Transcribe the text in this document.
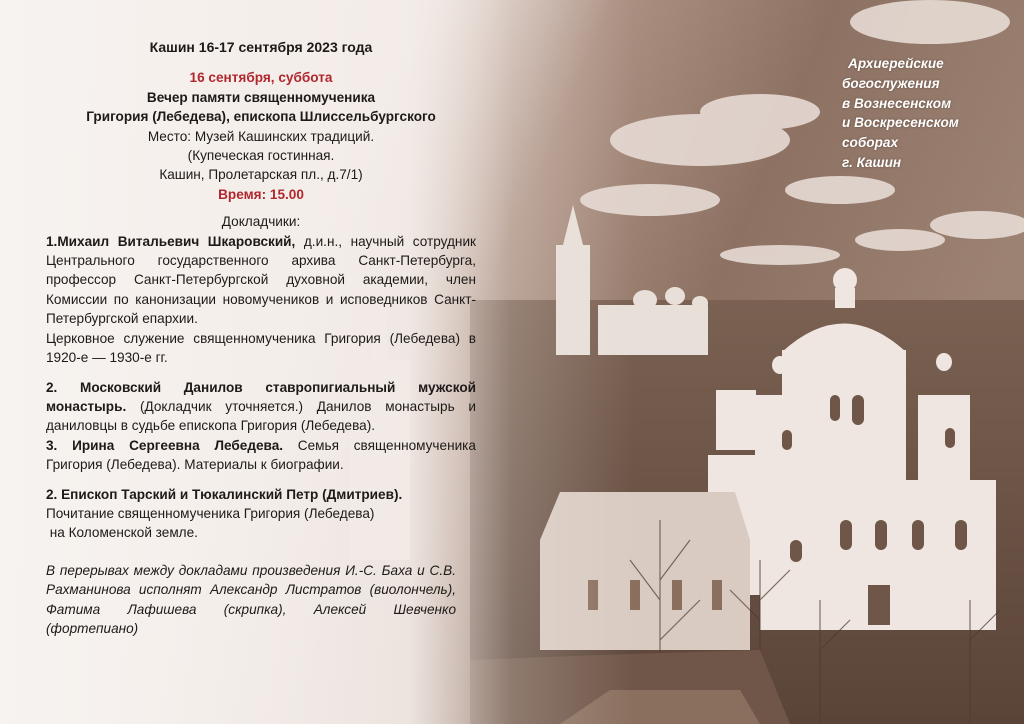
Кашин 16-17 сентября 2023 года
16 сентября, суббота
Вечер памяти священномученика
Григория (Лебедева), епископа Шлиссельбургского
Место: Музей Кашинских традиций.
(Купеческая гостинная.
Кашин, Пролетарская пл., д.7/1)
Время: 15.00
Докладчики:
1.Михаил Витальевич Шкаровский, д.и.н., научный сотрудник Центрального государственного архива Санкт-Петербурга, профессор Санкт-Петербургской духовной академии, член Комиссии по канонизации новомучеников и исповедников Санкт-Петербургской епархии.
Церковное служение священномученика Григория (Лебедева) в 1920-е — 1930-е гг.
2. Московский Данилов ставропигиальный мужской монастырь. (Докладчик уточняется.) Данилов монастырь и даниловцы в судьбе епископа Григория (Лебедева).
3. Ирина Сергеевна Лебедева. Семья священномученика Григория (Лебедева). Материалы к биографии.
2. Епископ Тарский и Тюкалинский Петр (Дмитриев).
Почитание священномученика Григория (Лебедева)
на Коломенской земле.
В перерывах между докладами произведения И.-С. Баха и С.В. Рахманинова исполнят Александр Листратов (виолончель), Фатима Лафишева (скрипка), Алексей Шевченко (фортепиано)
Архиерейские
богослужения
в Вознесенском
и Воскресенском
соборах
г. Кашин
